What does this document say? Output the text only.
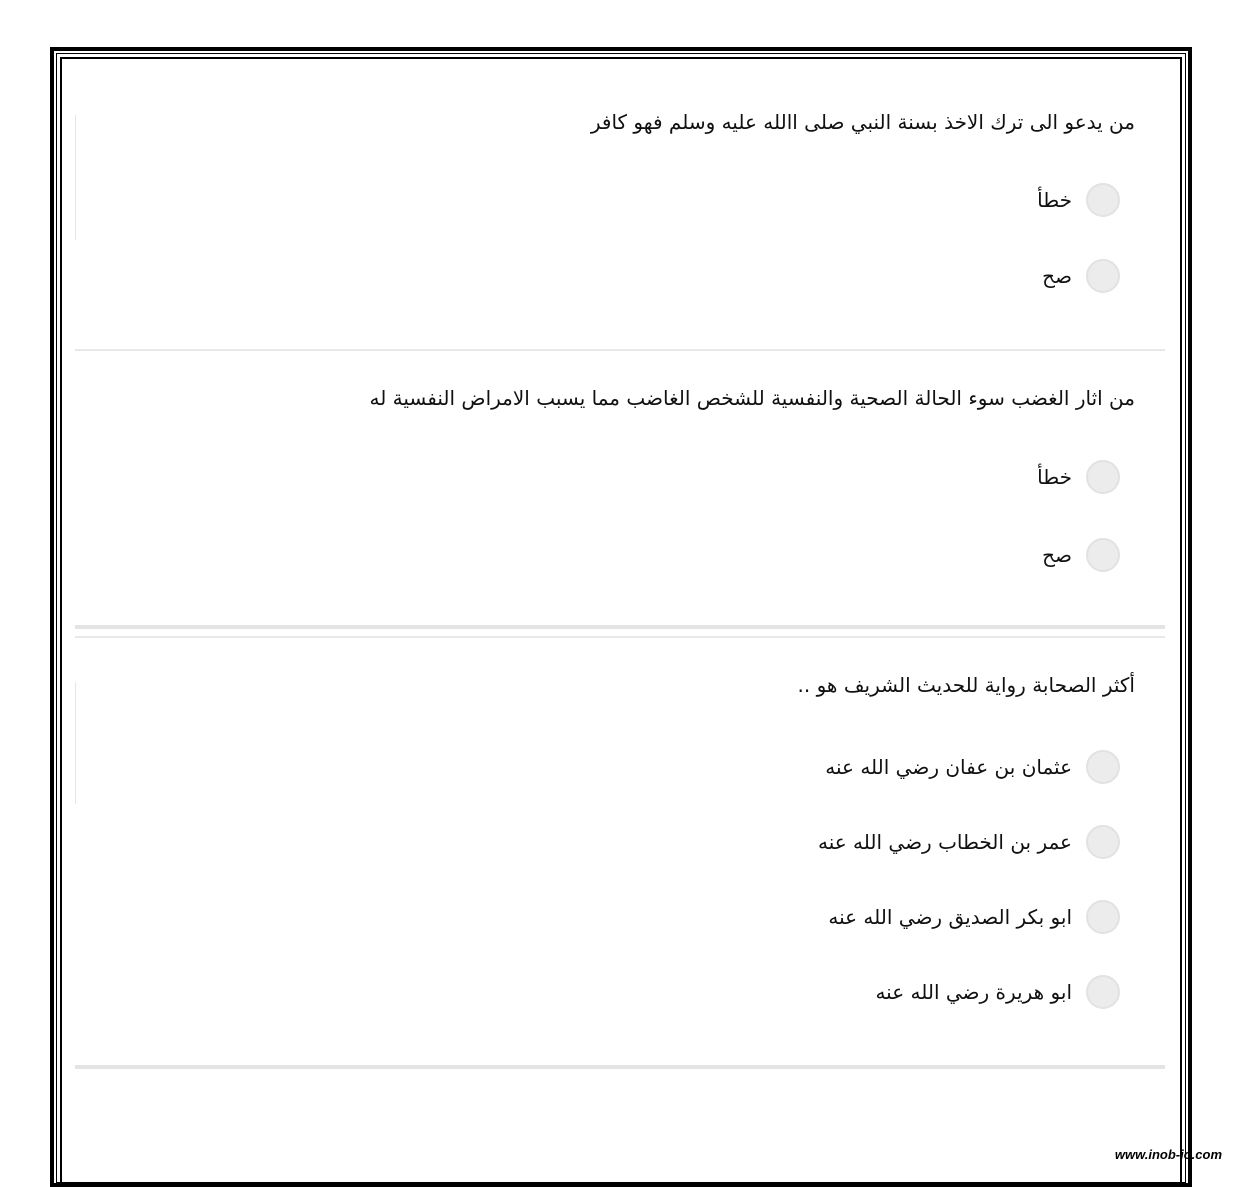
من يدعو الى ترك الاخذ بسنة النبي صلى االله عليه وسلم فهو كافر
خطأ
صح
من اثار الغضب سوء الحالة الصحية والنفسية للشخص الغاضب مما يسبب الامراض النفسية له
خطأ
صح
أكثر الصحابة رواية للحديث الشريف هو ..
عثمان بن عفان رضي الله عنه
عمر بن الخطاب رضي الله عنه
ابو بكر الصديق رضي الله عنه
ابو هريرة رضي الله عنه
www.inob-io.com
